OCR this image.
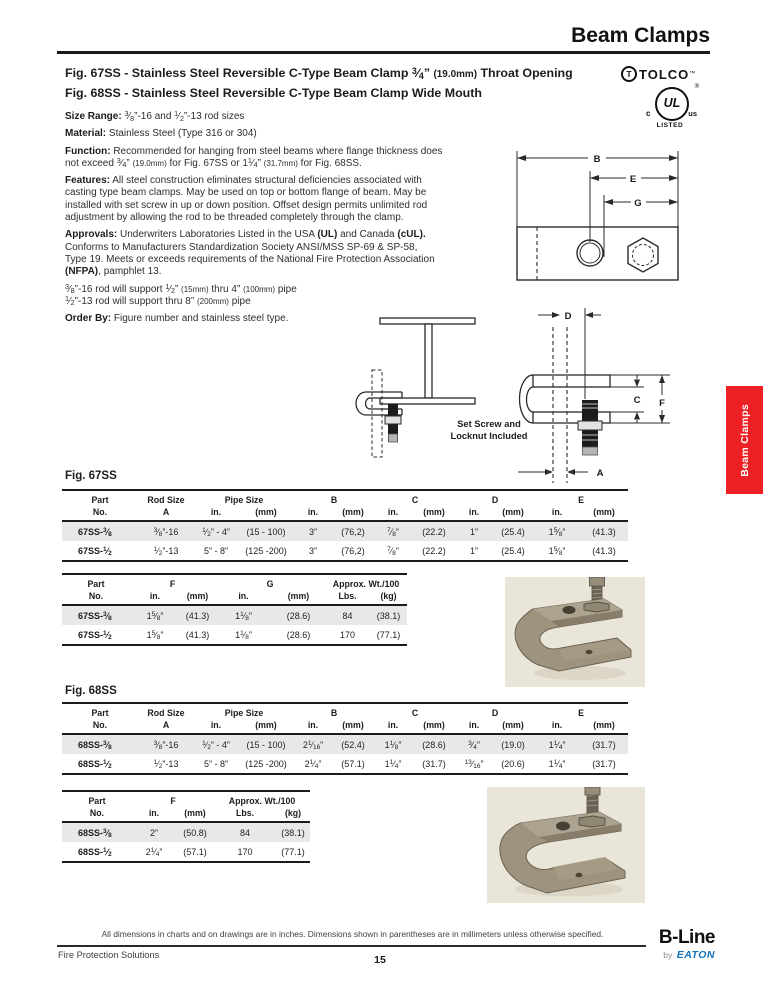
Beam Clamps
Fig. 67SS - Stainless Steel Reversible C-Type Beam Clamp $^3⁄_4$” (19.0mm) Throat Opening
Fig. 68SS - Stainless Steel Reversible C-Type Beam Clamp Wide Mouth
T TOLCO ™
UL
c	us
®
LISTED
Size Range: $^3⁄_8”-16$ and $^1⁄_2”-13$ rod sizes
Material: Stainless Steel (Type 316 or 304)
Function: Recommended for hanging from steel beams where flange thickness does
not exceed $^3⁄_4$” (19.0mm) for Fig. 67SS or $1^1⁄_4$” (31.7mm) for Fig. 68SS.
Features: All steel construction eliminates structural deficiencies associated with
casting type beam clamps. May be used on top or bottom flange of beam. May be
installed with set screw in up or down position. Offset design permits unlimited rod
adjustment by allowing the rod to be threaded completely through the clamp.
Approvals: Underwriters Laboratories Listed in the USA (UL) and Canada (cUL).
Conforms to Manufacturers Standardization Society ANSI/MSS SP-69 & SP-58,
Type 19. Meets or exceeds requirements of the National Fire Protection Association
(NFPA), pamphlet 13.
$^3⁄_8”-16$ rod will support $^1⁄_2$” (15mm) thru 4” (100mm) pipe
$^1⁄_2”-13$ rod will support thru 8” (200mm) pipe
Order By: Figure number and stainless steel type.
B
E
G
D
C F
A
Set Screw and
Locknut Included	Beam Clamps
Fig. 67SS
Part	Rod Size	Pipe Size		B		C		D		E	
No.	A	in.	(mm)	in.	(mm)	in.	(mm)	in.	(mm)	in.	(mm)
$67SS-^3⁄_8$	$^3⁄_8”-16$	$^1⁄_2$” - 4”	(15 - 100)	3”	(76,2)	$^7⁄_8$”	(22.2)	1”	(25.4)	$1^5⁄_8$”	(41.3)
$67SS-^1⁄_2$	$^1⁄_2”-13$	5” - 8”	(125 -200)	3”	(76,2)	$^7⁄_8$”	(22.2)	1”	(25.4)	$1^5⁄_8$”	(41.3)
Part	F		G		Approx. Wt./100	
No.	in.	(mm)	in.	(mm)	Lbs.	(kg)
$67SS-^3⁄_8$	$1^5⁄_8$”	(41.3)	$1^1⁄_8$”	(28.6)	84	(38.1)
$67SS-^1⁄_2$	$1^5⁄_8$”	(41.3)	$1^1⁄_8$”	(28.6)	170	(77.1)
Fig. 68SS
Part	Rod Size	Pipe Size		B		C		D		E	
No.	A	in.	(mm)	in.	(mm)	in.	(mm)	in.	(mm)	in.	(mm)
$68SS-^3⁄_8$	$^3⁄_8”-16$	$^1⁄_2$” - 4”	(15 - 100)	$2^1⁄_{16}$”	(52.4)	$1^1⁄_8$”	(28.6)	$^3⁄_4$”	(19.0)	$1^1⁄_4$”	(31.7)
$68SS-^1⁄_2$	$^1⁄_2”-13$	5” - 8”	(125 -200)	$2^1⁄_4$”	(57.1)	$1^1⁄_4$”	(31.7)	$^{13}⁄_{16}$”	(20.6)	$1^1⁄_4$”	(31.7)
Part	F		Approx. Wt./100	
No.	in.	(mm)	Lbs.	(kg)
$68SS-^3⁄_8$	2”	(50.8)	84	(38.1)
$68SS-^1⁄_2$	$2^1⁄_4$”	(57.1)	170	(77.1)
All dimensions in charts and on drawings are in inches. Dimensions shown in parentheses are in millimeters unless otherwise specified.
Fire Protection Solutions	15
B-Line
by EATON
